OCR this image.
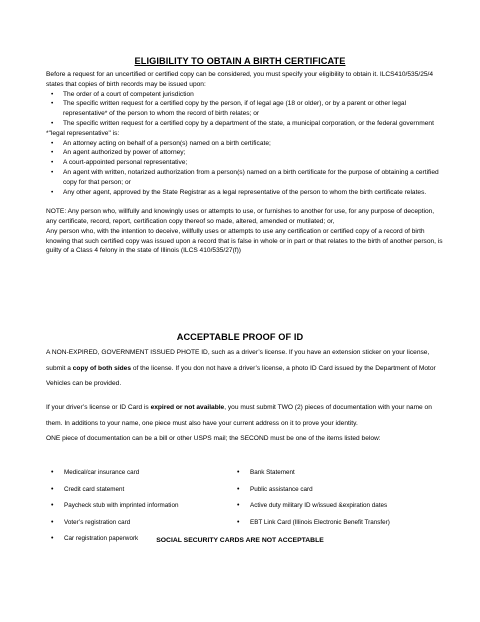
ELIGIBILITY TO OBTAIN A BIRTH CERTIFICATE

Before a request for an uncertified or certified copy can be considered, you must specify your eligibility to obtain it. ILCS410/535/25/4 states that copies of birth records may be issued upon:

• The order of a court of competent jurisdiction
• The specific written request for a certified copy by the person, if of legal age (18 or older), or by a parent or other legal representative* of the person to whom the record of birth relates; or
• The specific written request for a certified copy by a department of the state, a municipal corporation, or the federal government

*"legal representative" is:

• An attorney acting on behalf of a person(s) named on a birth certificate;
• An agent authorized by power of attorney;
• A court-appointed personal representative;
• An agent with written, notarized authorization from a person(s) named on a birth certificate for the purpose of obtaining a certified copy for that person; or
• Any other agent, approved by the State Registrar as a legal representative of the person to whom the birth certificate relates.

NOTE: Any person who, willfully and knowingly uses or attempts to use, or furnishes to another for use, for any purpose of deception, any certificate, record, report, certification copy thereof so made, altered, amended or mutilated; or,

Any person who, with the intention to deceive, willfully uses or attempts to use any certification or certified copy of a record of birth knowing that such certified copy was issued upon a record that is false in whole or in part or that relates to the birth of another person, is guilty of a Class 4 felony in the state of Illinois (ILCS 410/535/27(f))

ACCEPTABLE PROOF OF ID
A NON-EXPIRED, GOVERNMENT ISSUED PHOTE ID, such as a driver’s license. If you have an extension sticker on your license, submit a copy of both sides of the license. If you don not have a driver’s license, a photo ID Card issued by the Department of Motor Vehicles can be provided.

If your driver’s license or ID Card is expired or not available, you must submit TWO (2) pieces of documentation with your name on them. In additions to your name, one piece must also have your current address on it to prove your identity.

ONE piece of documentation can be a bill or other USPS mail; the SECOND must be one of the items listed below:

• Medical/car insurance card
• Credit card statement
• Paycheck stub with imprinted information
• Voter’s registration card
• Car registration paperwork
• Bank Statement
• Public assistance card
• Active duty military ID w/issued &expiration dates
• EBT Link Card (Illinois Electronic Benefit Transfer)
SOCIAL SECURITY CARDS ARE NOT ACCEPTABLE
